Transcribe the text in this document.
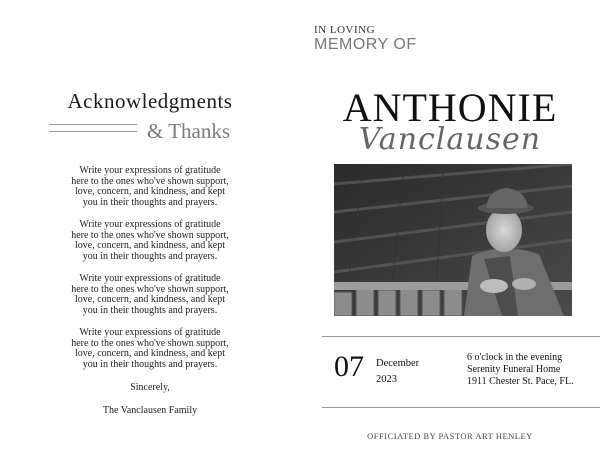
Acknowledgments
& Thanks
Write your expressions of gratitude
here to the ones who've shown support,
love, concern, and kindness, and kept
you in their thoughts and prayers.
Write your expressions of gratitude
here to the ones who've shown support,
love, concern, and kindness, and kept
you in their thoughts and prayers.
Write your expressions of gratitude
here to the ones who've shown support,
love, concern, and kindness, and kept
you in their thoughts and prayers.
Write your expressions of gratitude
here to the ones who've shown support,
love, concern, and kindness, and kept
you in their thoughts and prayers.
Sincerely,
The Vanclausen Family
IN LOVING
MEMORY OF
ANTHONIE
Vanclausen
07 December
2023
6 o'clock in the evening
Serenity Funeral Home
1911 Chester St. Pace, FL.
OFFICIATED BY PASTOR ART HENLEY
